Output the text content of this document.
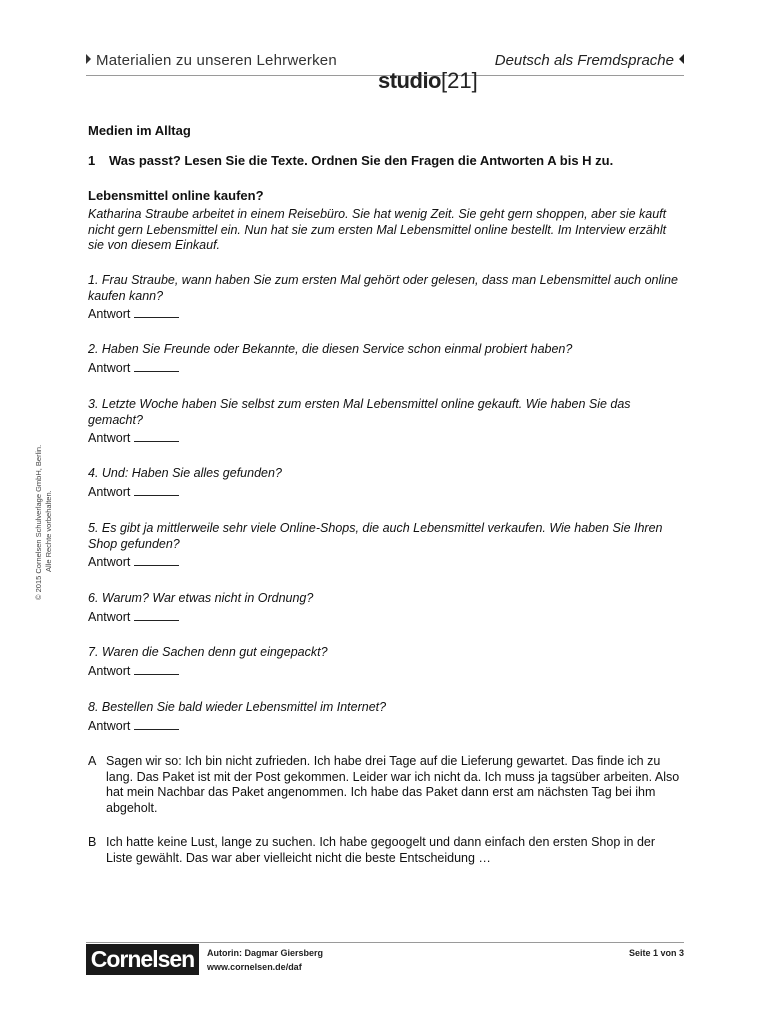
Materialien zu unseren Lehrwerken	Deutsch als Fremdsprache
studio[21]
Medien im Alltag
1 Was passt? Lesen Sie die Texte. Ordnen Sie den Fragen die Antworten A bis H zu.
Lebensmittel online kaufen?
Katharina Straube arbeitet in einem Reisebüro. Sie hat wenig Zeit. Sie geht gern shoppen, aber sie kauft nicht gern Lebensmittel ein. Nun hat sie zum ersten Mal Lebensmittel online bestellt. Im Interview erzählt sie von diesem Einkauf.
1. Frau Straube, wann haben Sie zum ersten Mal gehört oder gelesen, dass man Lebensmittel auch online kaufen kann?
Antwort
2. Haben Sie Freunde oder Bekannte, die diesen Service schon einmal probiert haben?
Antwort
3. Letzte Woche haben Sie selbst zum ersten Mal Lebensmittel online gekauft. Wie haben Sie das gemacht?
Antwort
4. Und: Haben Sie alles gefunden?
Antwort
5. Es gibt ja mittlerweile sehr viele Online-Shops, die auch Lebensmittel verkaufen. Wie haben Sie Ihren Shop gefunden?
Antwort
6. Warum? War etwas nicht in Ordnung?
Antwort
7. Waren die Sachen denn gut eingepackt?
Antwort
8. Bestellen Sie bald wieder Lebensmittel im Internet?
Antwort
A Sagen wir so: Ich bin nicht zufrieden. Ich habe drei Tage auf die Lieferung gewartet. Das finde ich zu lang. Das Paket ist mit der Post gekommen. Leider war ich nicht da. Ich muss ja tagsüber arbeiten. Also hat mein Nachbar das Paket angenommen. Ich habe das Paket dann erst am nächsten Tag bei ihm abgeholt.
B Ich hatte keine Lust, lange zu suchen. Ich habe gegoogelt und dann einfach den ersten Shop in der Liste gewählt. Das war aber vielleicht nicht die beste Entscheidung …
© 2015 Cornelsen Schulverlage GmbH, Berlin. Alle Rechte vorbehalten.
Cornelsen	Autorin: Dagmar Giersberg
www.cornelsen.de/daf
Seite 1 von 3
